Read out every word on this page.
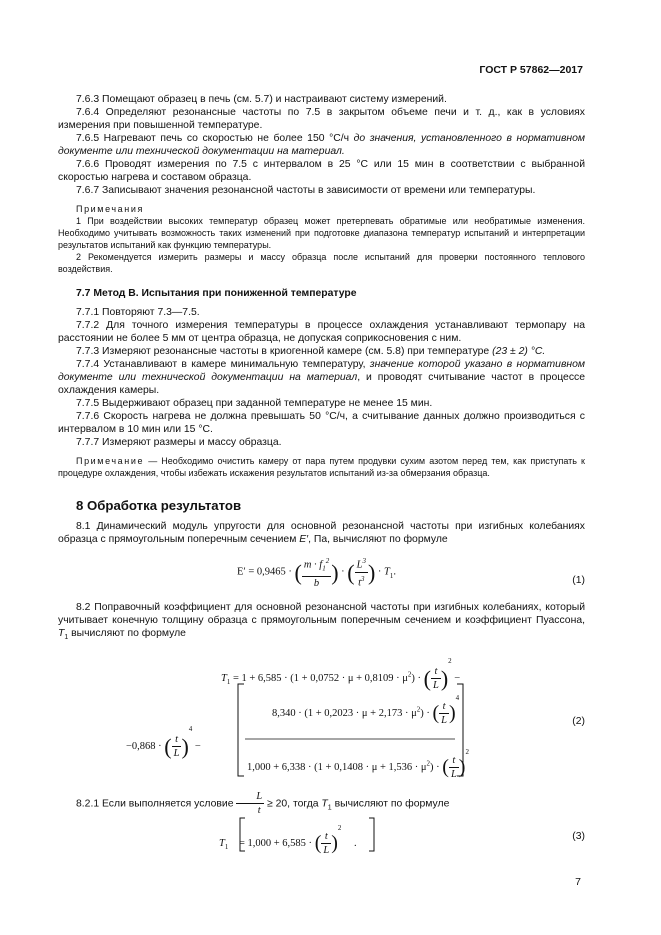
ГОСТ Р 57862—2017

7.6.3 Помещают образец в печь (см. 5.7) и настраивают систему измерений.

7.6.4 Определяют резонансные частоты по 7.5 в закрытом объеме печи и т. д., как в условиях измерения при повышенной температуре.

7.6.5 Нагревают печь со скоростью не более 150 °С/ч до значения, установленного в нормативном документе или технической документации на материал.

7.6.6 Проводят измерения по 7.5 с интервалом в 25 °С или 15 мин в соответствии с выбранной скоростью нагрева и составом образца.

7.6.7 Записывают значения резонансной частоты в зависимости от времени или температуры.

Примечания

1 При воздействии высоких температур образец может претерпевать обратимые или необратимые изменения. Необходимо учитывать возможность таких изменений при подготовке диапазона температур испытаний и интерпретации результатов испытаний как функцию температуры.

2 Рекомендуется измерить размеры и массу образца после испытаний для проверки постоянного теплового воздействия.

7.7 Метод В. Испытания при пониженной температуре

7.7.1 Повторяют 7.3—7.5.

7.7.2 Для точного измерения температуры в процессе охлаждения устанавливают термопару на расстоянии не более 5 мм от центра образца, не допуская соприкосновения с ним.

7.7.3 Измеряют резонансные частоты в криогенной камере (см. 5.8) при температуре (23 ± 2) °С.

7.7.4 Устанавливают в камере минимальную температуру, значение которой указано в нормативном документе или технической документации на материал, и проводят считывание частот в процессе охлаждения камеры.

7.7.5 Выдерживают образец при заданной температуре не менее 15 мин.

7.7.6 Скорость нагрева не должна превышать 50 °С/ч, а считывание данных должно производиться с интервалом в 10 мин или 15 °С.

7.7.7 Измеряют размеры и массу образца.

Примечание — Необходимо очистить камеру от пара путем продувки сухим азотом перед тем, как приступать к процедуре охлаждения, чтобы избежать искажения результатов испытаний из-за обмерзания образца.

8 Обработка результатов

8.1 Динамический модуль упругости для основной резонансной частоты при изгибных колебаниях образца с прямоугольным поперечным сечением E′, Па, вычисляют по формуле

E′ = 0,9465 · ( $\frac{m \cdot f_1^2}{b}$ ) · ( $\frac{L^3}{t^3}$ ) · $T_1$.
(1)

8.2 Поправочный коэффициент для основной резонансной частоты при изгибных колебаниях, который учитывает конечную толщину образца с прямоугольным поперечным сечением и коэффициент Пуассона, $T_1$ вычисляют по формуле

$T_1 = 1 + 6,585 \cdot (1 + 0,0752 \cdot \mu + 0,8109 \cdot \mu^2)$ · ( $\frac{t}{L} )^2$ −
−0,868 · ( $\frac{t}{L} )^4$ −
$8,340 \cdot (1 + 0,2023 \cdot \mu + 2,173 \cdot \mu^2)$ · ( $\frac{t}{L} )^4$
$1,000 + 6,338 \cdot (1 + 0,1408 \cdot \mu + 1,536 \cdot \mu^2)$ · ( $\frac{t}{L} )^2$
(2)

8.2.1 Если выполняется условие $\frac{L}{t} \ge 20$, тогда $T_1$ вычисляют по формуле

$T_1 = 1,000 + 6,585$ · ( $\frac{t}{L} )^2$ .
(3)
7
